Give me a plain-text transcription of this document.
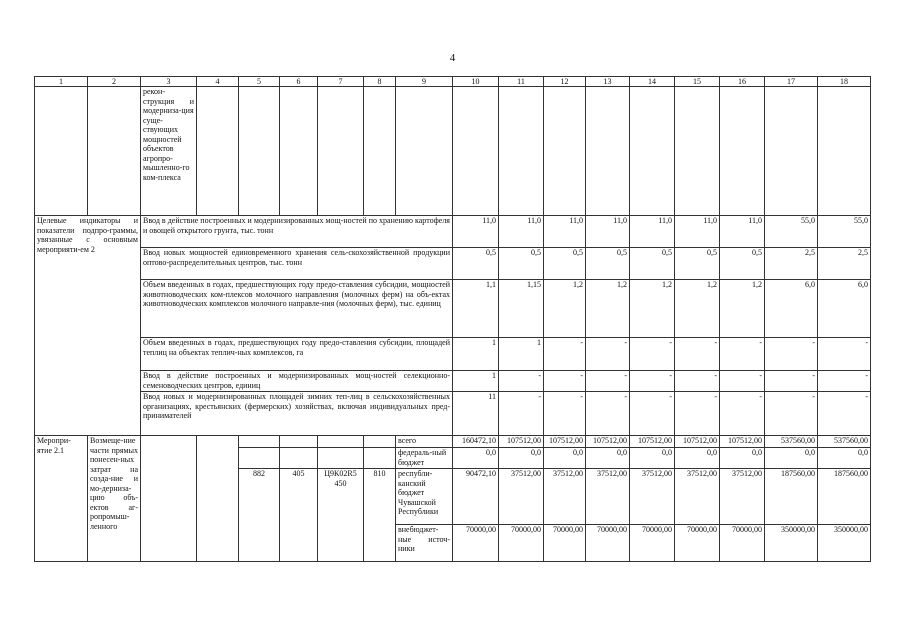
4
1	2	3	4	5	6	7	8	9	10	11	12	13	14	15	16	17	18
		рекон-струкция и модерниза-ция суще-ствующих мощностей объектов агропро-мышленно-го ком-плекса															
Целевые индикаторы и показатели подпро-граммы, увязанные с основным мероприяти-ем 2		Ввод в действие построенных и модернизированных мощ-ностей по хранению картофеля и овощей открытого грунта, тыс. тонн							11,0	11,0	11,0	11,0	11,0	11,0	11,0	55,0	55,0
		Ввод новых мощностей единовременного хранения сель-скохозяйственной продукции оптово-распределительных центров, тыс. тонн							0,5	0,5	0,5	0,5	0,5	0,5	0,5	2,5	2,5
		Объем введенных в годах, предшествующих году предо-ставления субсидии, мощностей животноводческих ком-плексов молочного направления (молочных ферм) на объ-ектах животноводческих комплексов молочного направле-ния (молочных ферм), тыс. единиц							1,1	1,15	1,2	1,2	1,2	1,2	1,2	6,0	6,0
		Объем введенных в годах, предшествующих году предо-ставления субсидии, площадей теплиц на объектах теплич-ных комплексов, га							1	1	-	-	-	-	-	-	-
		Ввод в действие построенных и модернизированных мощ-ностей селекционно-семеноводческих центров, единиц							1	-	-	-	-	-	-	-	-
		Ввод новых и модернизированных площадей зимних теп-лиц в сельскохозяйственных организациях, крестьянских (фермерских) хозяйствах, включая индивидуальных пред-принимателей							11	-	-	-	-	-	-	-	-
Меропри-ятие 2.1	Возмеще-ние части прямых понесен-ных затрат на созда-ние и мо-дерниза-цию объ-ектов аг-ропромыш-ленного							всего	160472,10	107512,00	107512,00	107512,00	107512,00	107512,00	107512,00	537560,00	537560,00
								федераль-ный бюджет	0,0	0,0	0,0	0,0	0,0	0,0	0,0	0,0	0,0
				882	405	Ц9К02R5 450	810	республи-канский бюджет Чувашской Республики	90472,10	37512,00	37512,00	37512,00	37512,00	37512,00	37512,00	187560,00	187560,00
								внебюджет-ные источ-ники	70000,00	70000,00	70000,00	70000,00	70000,00	70000,00	70000,00	350000,00	350000,00
